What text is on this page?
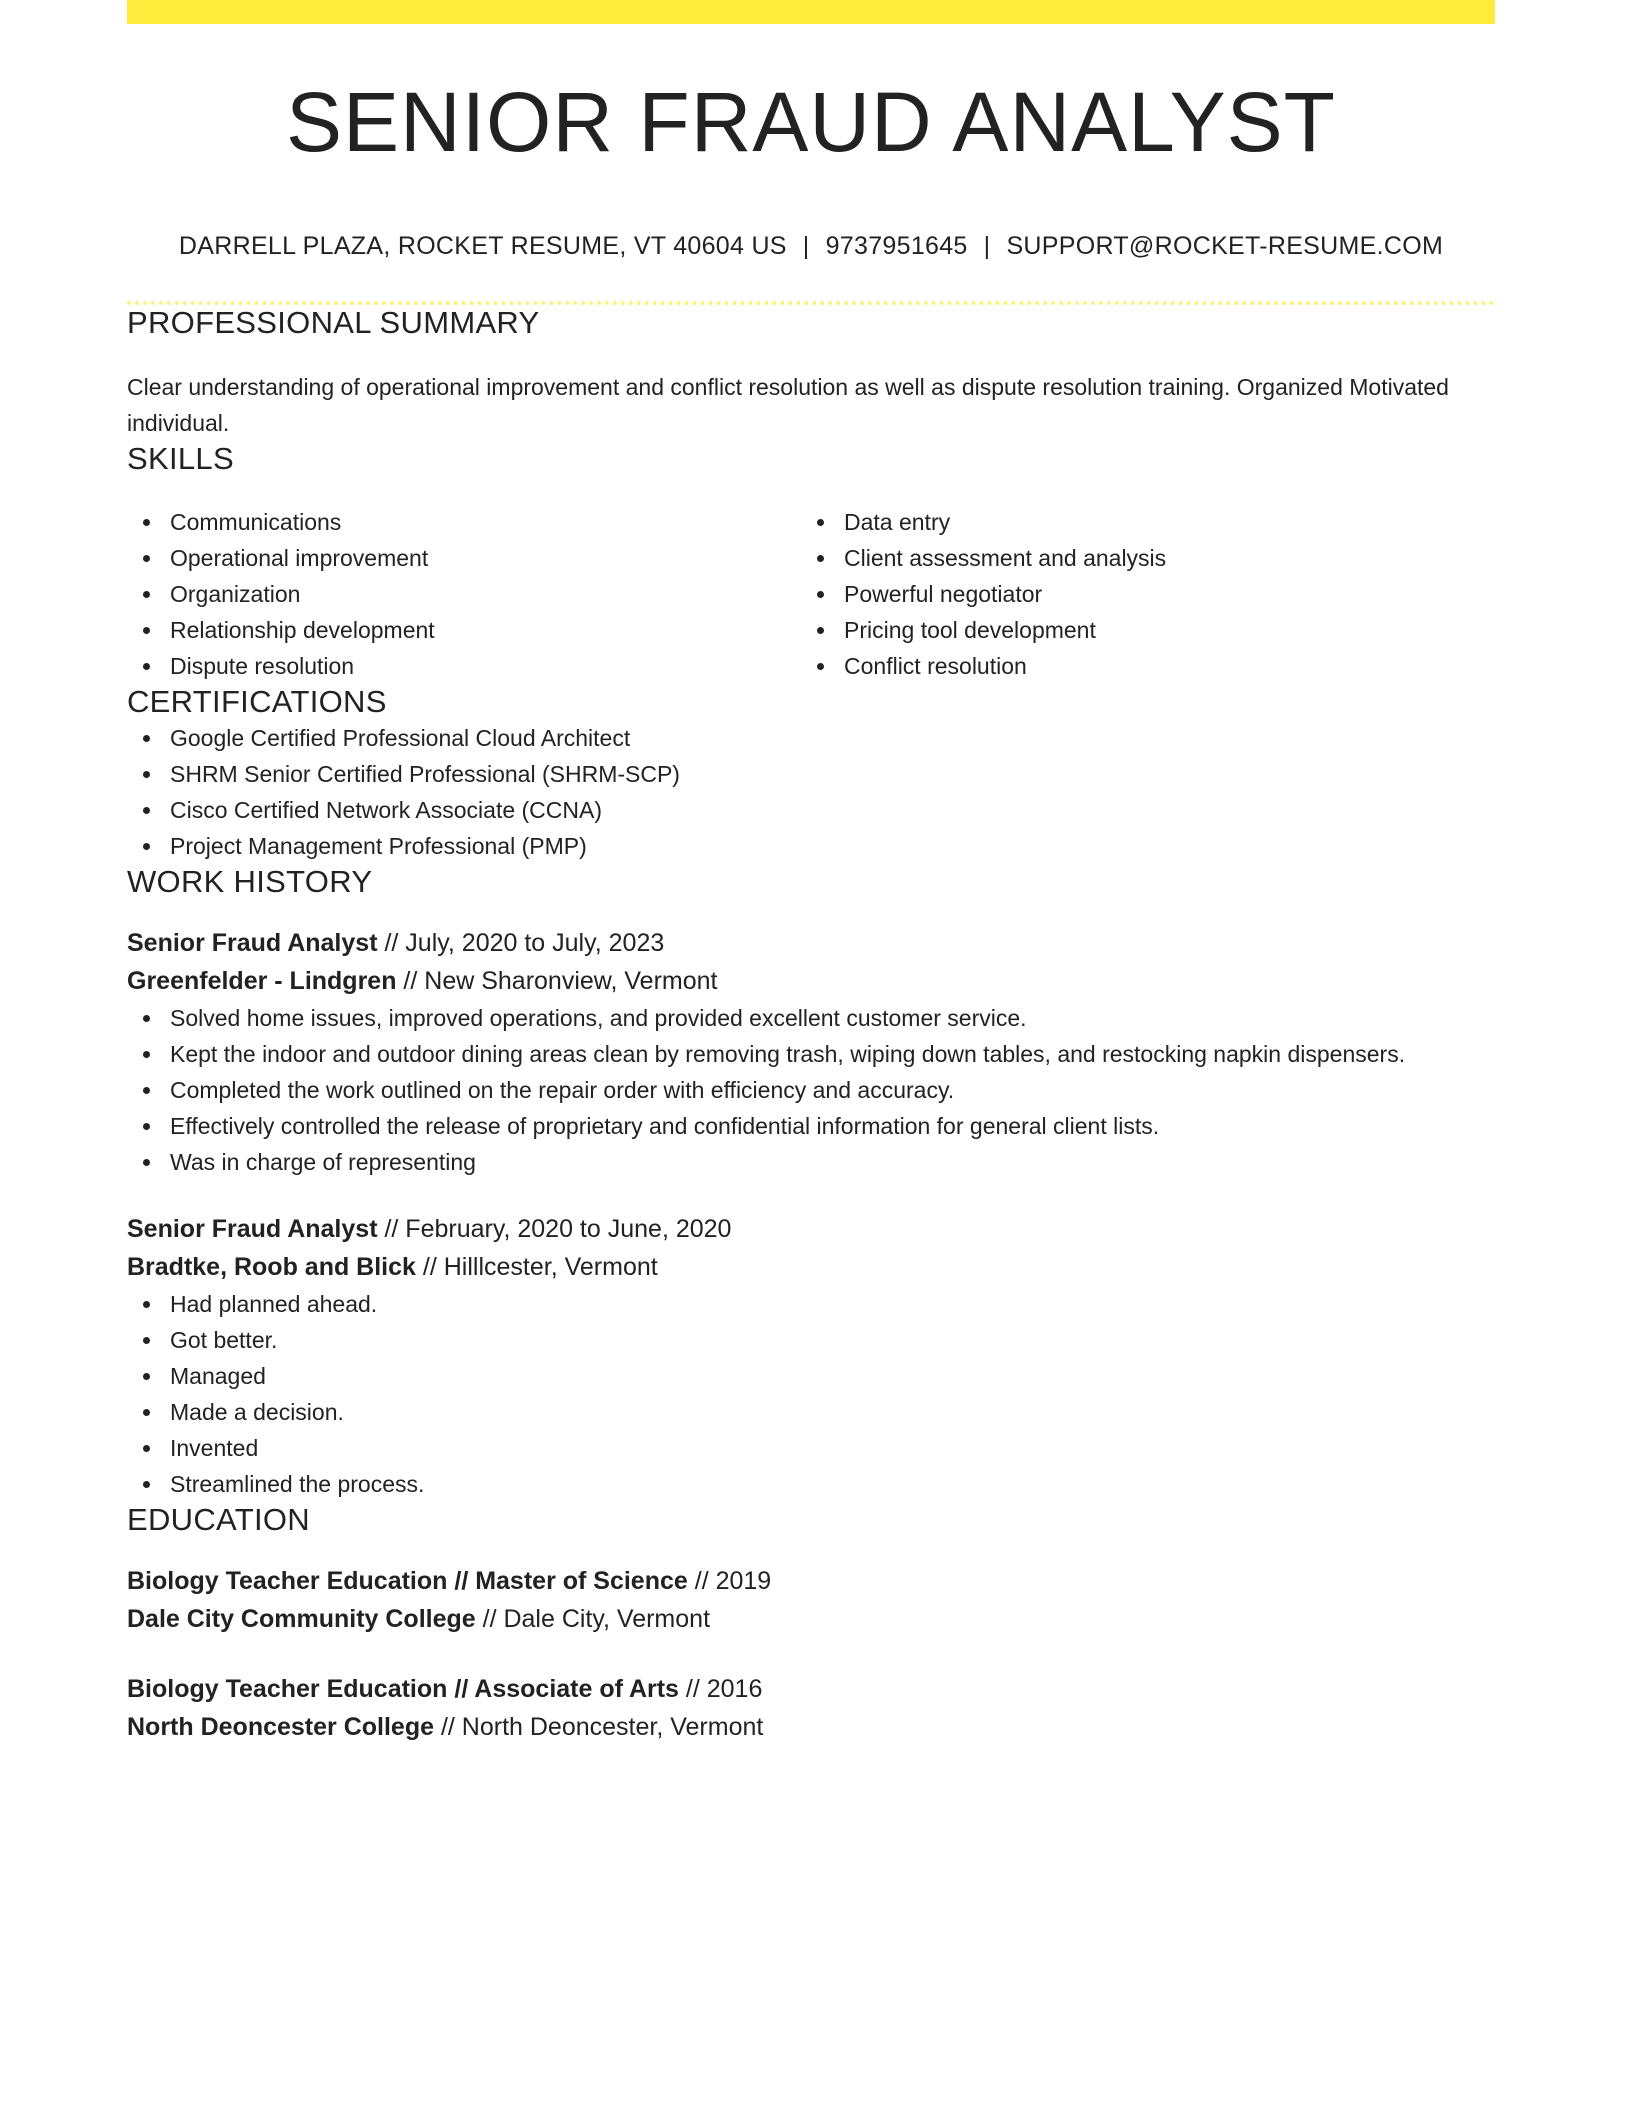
SENIOR FRAUD ANALYST
DARRELL PLAZA, ROCKET RESUME, VT 40604 US | 9737951645 | SUPPORT@ROCKET-RESUME.COM
PROFESSIONAL SUMMARY
Clear understanding of operational improvement and conflict resolution as well as dispute resolution training. Organized Motivated individual.
SKILLS
Communications
Operational improvement
Organization
Relationship development
Dispute resolution
Data entry
Client assessment and analysis
Powerful negotiator
Pricing tool development
Conflict resolution
CERTIFICATIONS
Google Certified Professional Cloud Architect
SHRM Senior Certified Professional (SHRM-SCP)
Cisco Certified Network Associate (CCNA)
Project Management Professional (PMP)
WORK HISTORY
Senior Fraud Analyst // July, 2020 to July, 2023
Greenfelder - Lindgren // New Sharonview, Vermont
Solved home issues, improved operations, and provided excellent customer service.
Kept the indoor and outdoor dining areas clean by removing trash, wiping down tables, and restocking napkin dispensers.
Completed the work outlined on the repair order with efficiency and accuracy.
Effectively controlled the release of proprietary and confidential information for general client lists.
Was in charge of representing
Senior Fraud Analyst // February, 2020 to June, 2020
Bradtke, Roob and Blick // Hilllcester, Vermont
Had planned ahead.
Got better.
Managed
Made a decision.
Invented
Streamlined the process.
EDUCATION
Biology Teacher Education // Master of Science // 2019
Dale City Community College // Dale City, Vermont
Biology Teacher Education // Associate of Arts // 2016
North Deoncester College // North Deoncester, Vermont
